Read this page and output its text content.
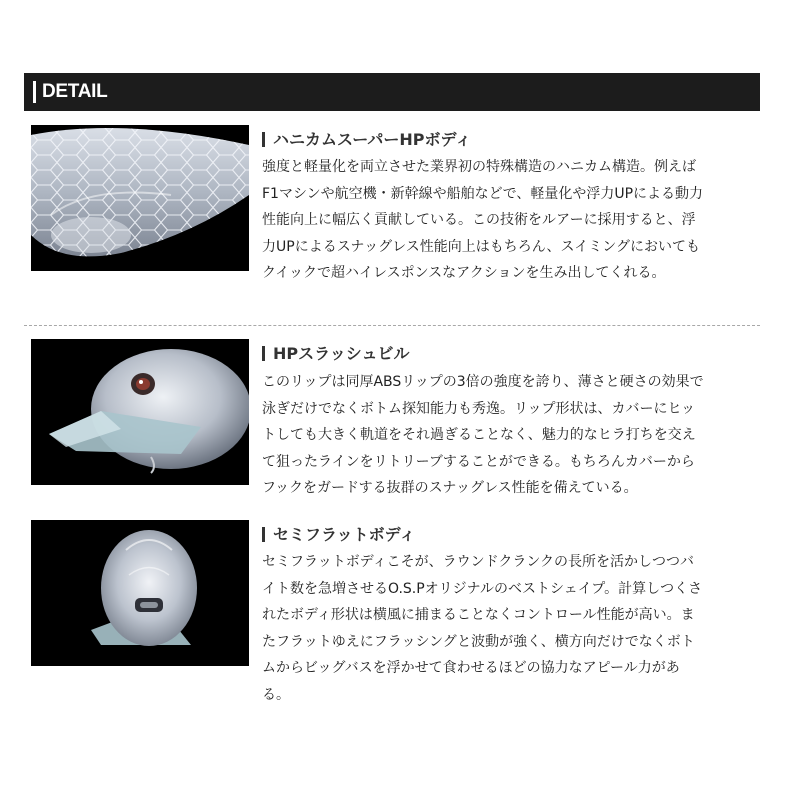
DETAIL
ハニカムスーパーHPボディ

強度と軽量化を両立させた業界初の特殊構造のハニカム構造。例えば
F1マシンや航空機・新幹線や船舶などで、軽量化や浮力UPによる動力
性能向上に幅広く貢献している。この技術をルアーに採用すると、浮
力UPによるスナッグレス性能向上はもちろん、スイミングにおいても
クイックで超ハイレスポンスなアクションを生み出してくれる。

HPスラッシュビル

このリップは同厚ABSリップの3倍の強度を誇り、薄さと硬さの効果で
泳ぎだけでなくボトム探知能力も秀逸。リップ形状は、カバーにヒッ
トしても大きく軌道をそれ過ぎることなく、魅力的なヒラ打ちを交え
て狙ったラインをリトリーブすることができる。もちろんカバーから
フックをガードする抜群のスナッグレス性能を備えている。

セミフラットボディ

セミフラットボディこそが、ラウンドクランクの長所を活かしつつバ
イト数を急増させるO.S.Pオリジナルのベストシェイプ。計算しつくさ
れたボディ形状は横風に捕まることなくコントロール性能が高い。ま
たフラットゆえにフラッシングと波動が強く、横方向だけでなくボト
ムからビッグバスを浮かせて食わせるほどの協力なアピール力があ
る。
